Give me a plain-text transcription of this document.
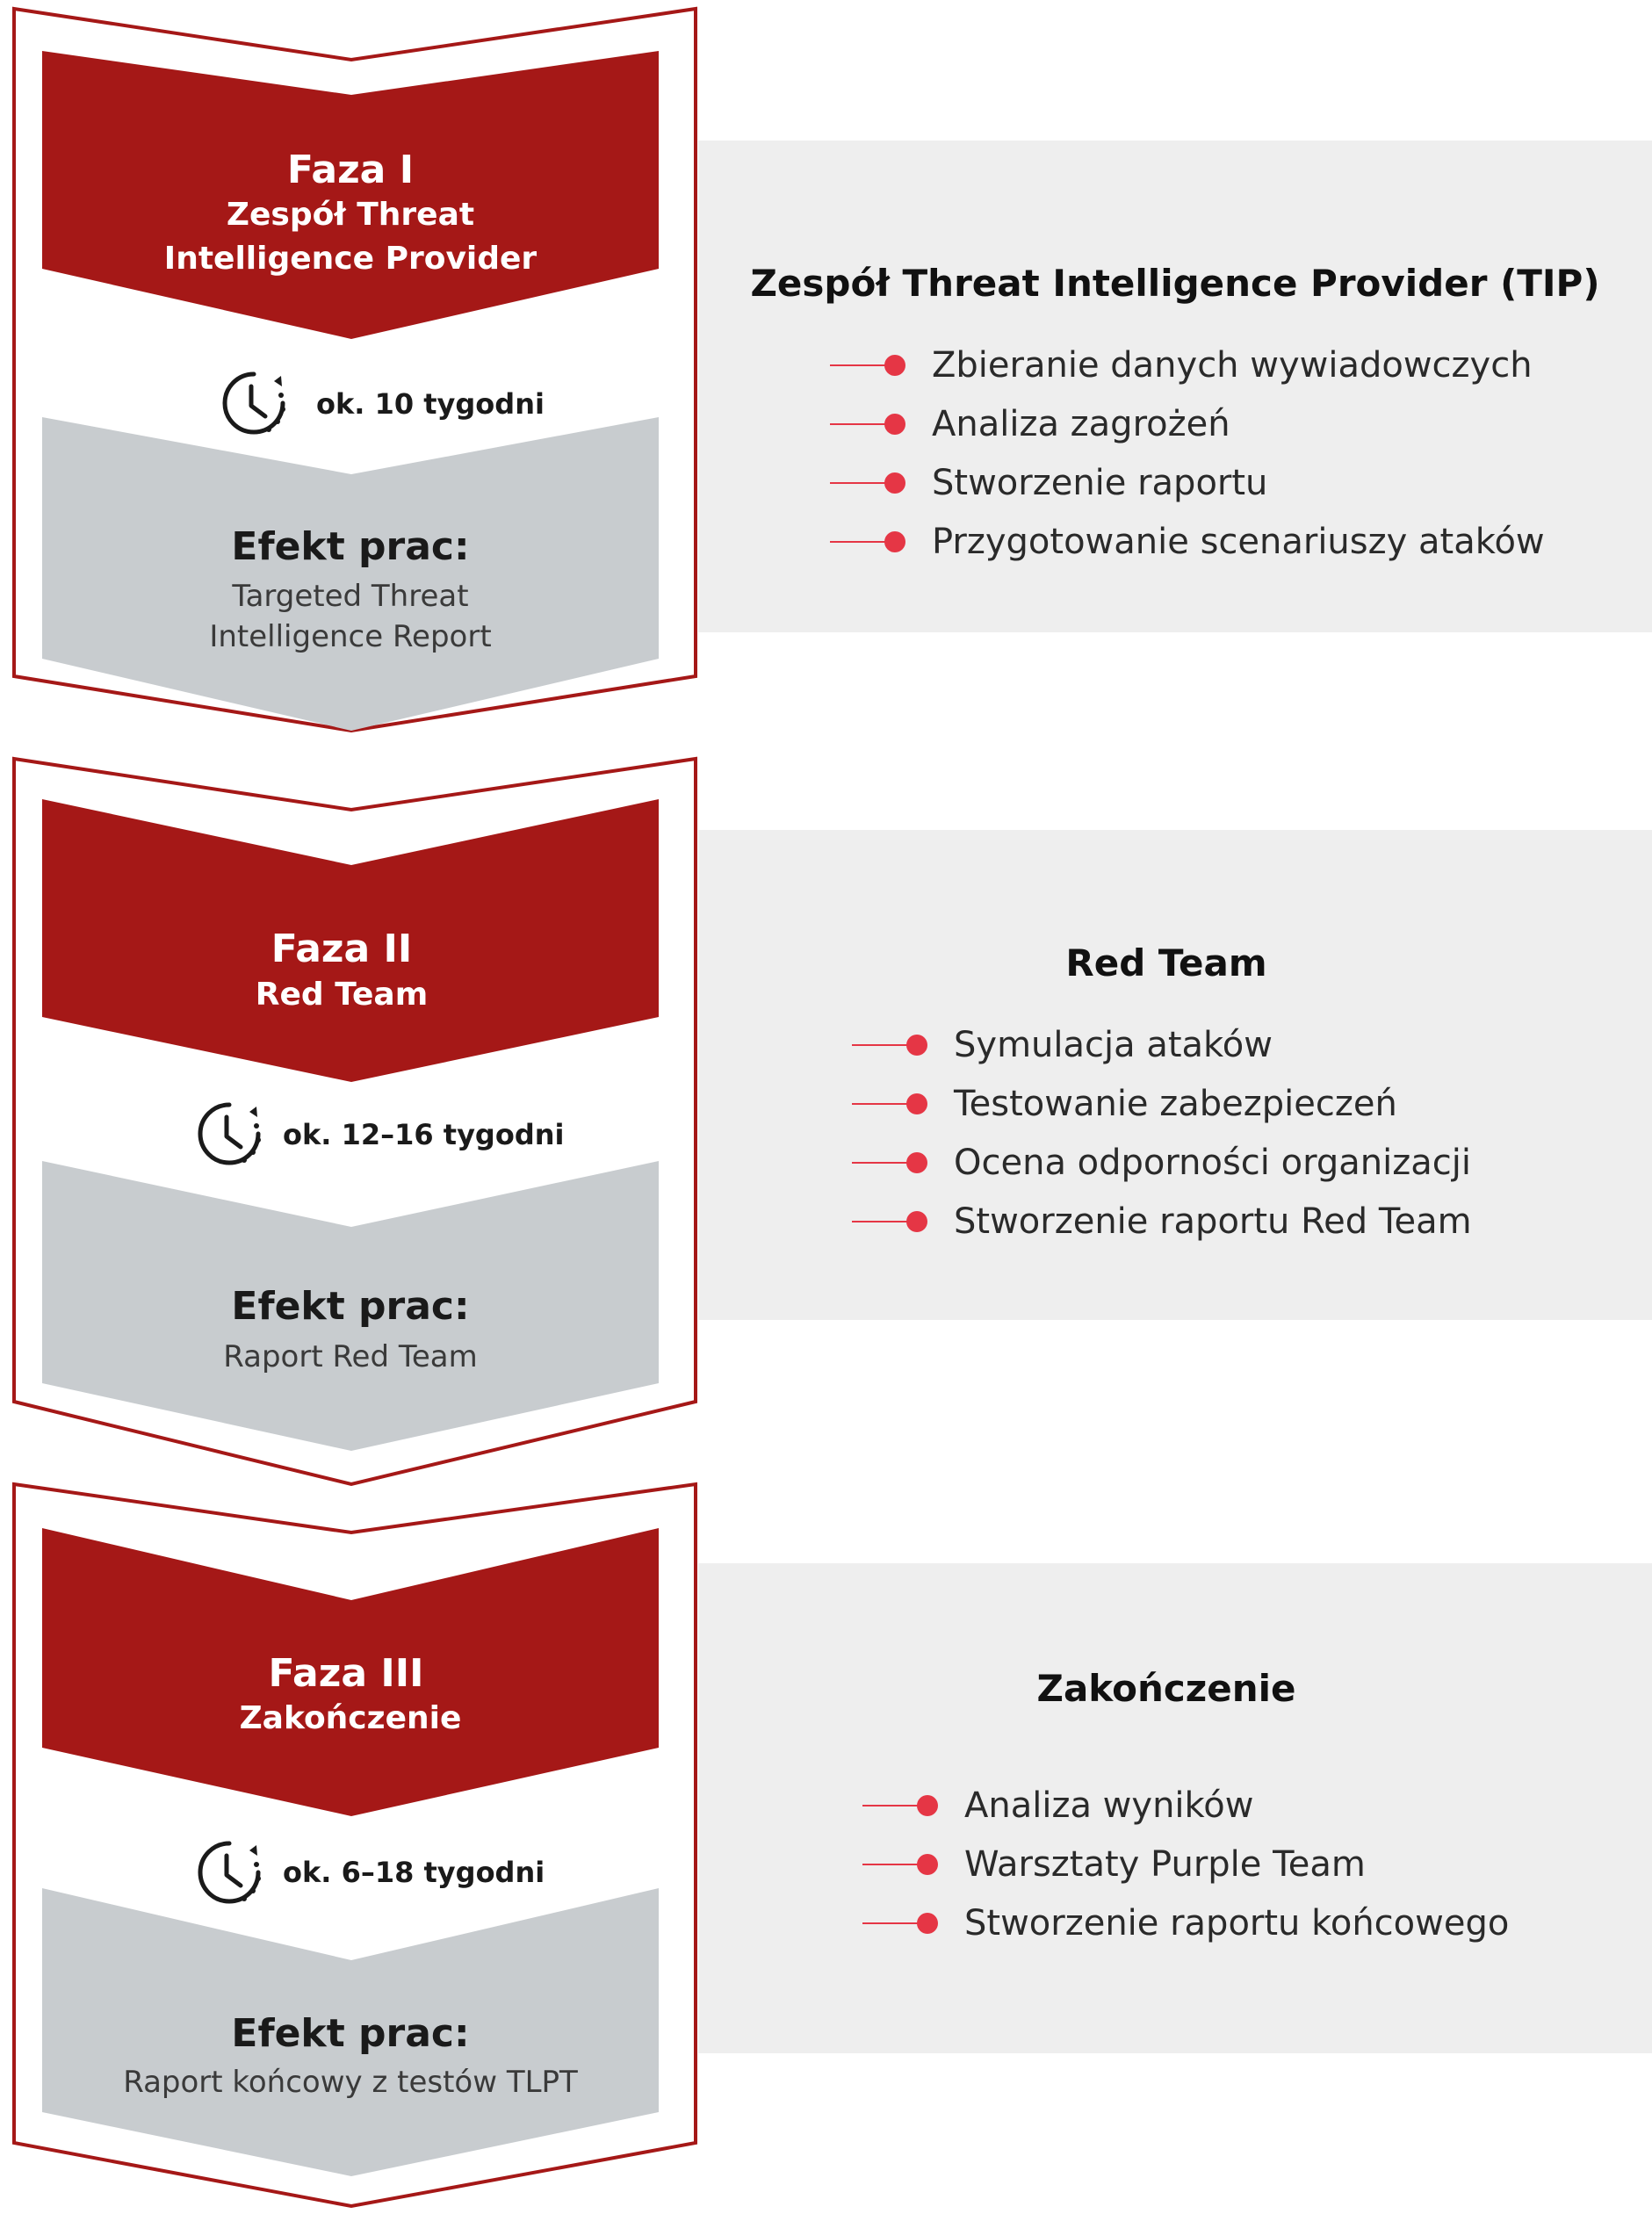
Faza I
Zespół Threat
Intelligence Provider
ok. 10 tygodni
Efekt prac:
Targeted Threat
Intelligence Report
Zespół Threat Intelligence Provider (TIP)
Zbieranie danych wywiadowczych
Analiza zagrożeń
Stworzenie raportu
Przygotowanie scenariuszy ataków
Faza II
Red Team
ok. 12–16 tygodni
Efekt prac:
Raport Red Team
Red Team
Symulacja ataków
Testowanie zabezpieczeń
Ocena odporności organizacji
Stworzenie raportu Red Team
Faza III
Zakończenie
ok. 6–18 tygodni
Efekt prac:
Raport końcowy z testów TLPT
Zakończenie
Analiza wyników
Warsztaty Purple Team
Stworzenie raportu końcowego
